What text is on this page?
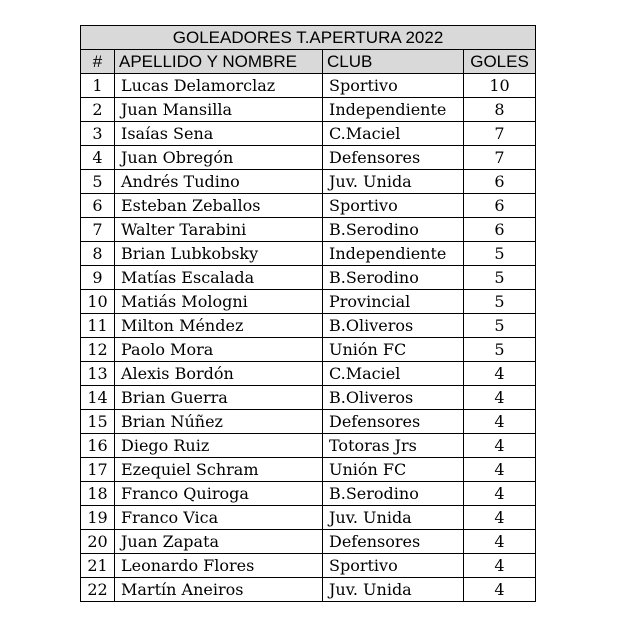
GOLEADORES T.APERTURA 2022			
#	APELLIDO Y NOMBRE	CLUB	GOLES
1	Lucas Delamorclaz	Sportivo	10
2	Juan Mansilla	Independiente	8
3	Isaías Sena	C.Maciel	7
4	Juan Obregón	Defensores	7
5	Andrés Tudino	Juv. Unida	6
6	Esteban Zeballos	Sportivo	6
7	Walter Tarabini	B.Serodino	6
8	Brian Lubkobsky	Independiente	5
9	Matías Escalada	B.Serodino	5
10	Matiás Mologni	Provincial	5
11	Milton Méndez	B.Oliveros	5
12	Paolo Mora	Unión FC	5
13	Alexis Bordón	C.Maciel	4
14	Brian Guerra	B.Oliveros	4
15	Brian Núñez	Defensores	4
16	Diego Ruiz	Totoras Jrs	4
17	Ezequiel Schram	Unión FC	4
18	Franco Quiroga	B.Serodino	4
19	Franco Vica	Juv. Unida	4
20	Juan Zapata	Defensores	4
21	Leonardo Flores	Sportivo	4
22	Martín Aneiros	Juv. Unida	4
